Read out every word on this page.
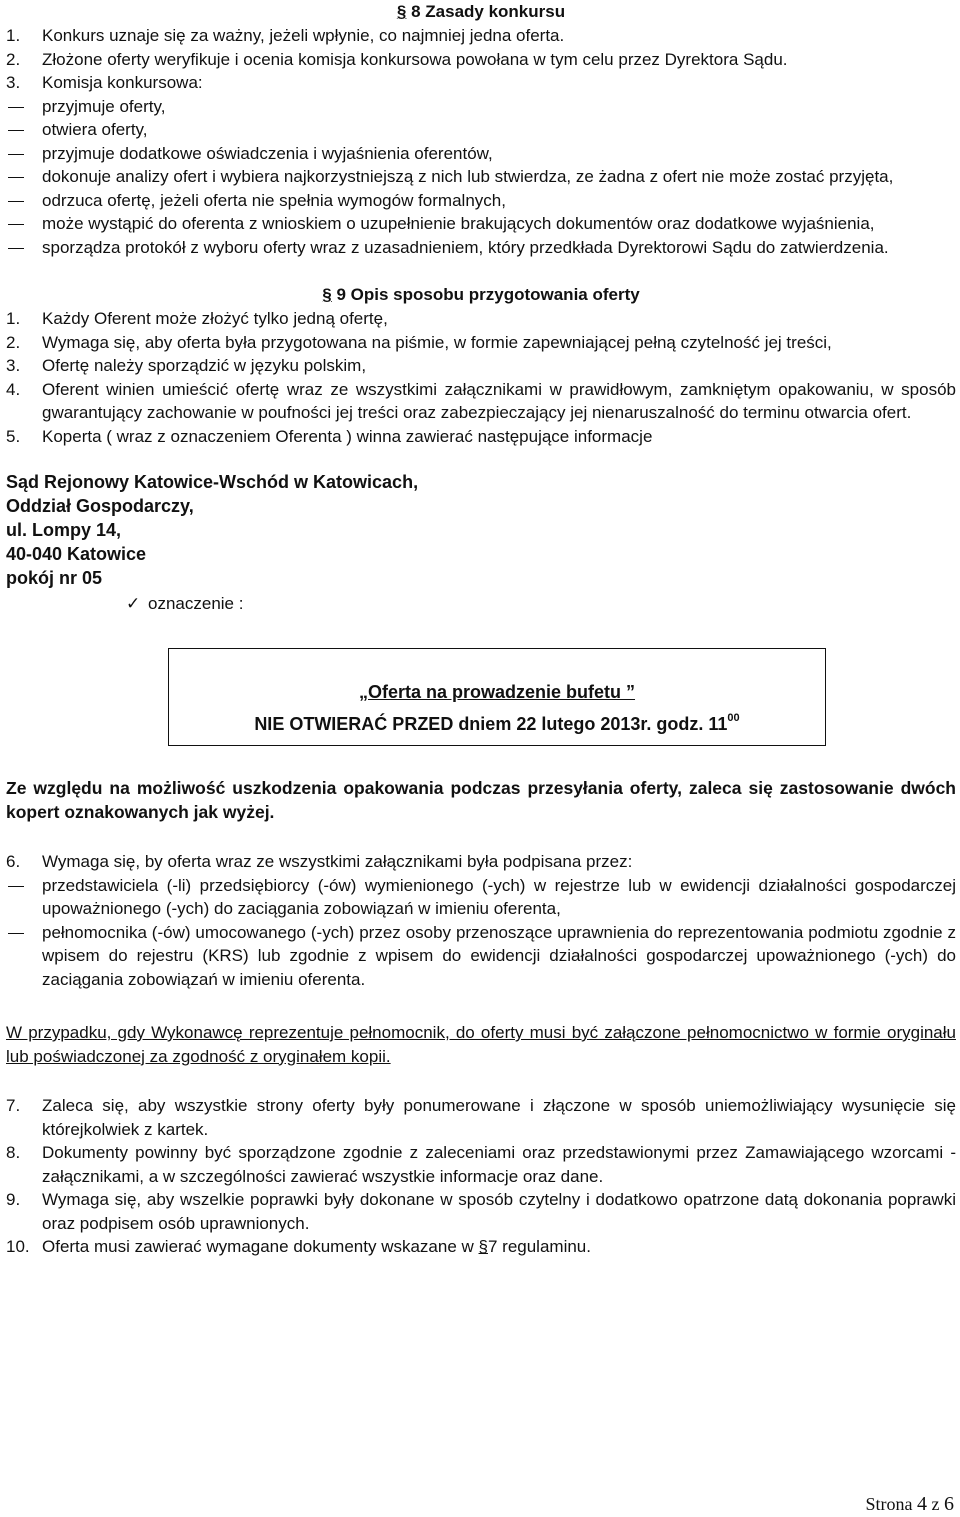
§ 8 Zasady konkursu

1. Konkurs uznaje się za ważny, jeżeli wpłynie, co najmniej jedna oferta.
2. Złożone oferty weryfikuje i ocenia komisja konkursowa powołana w tym celu przez Dyrektora Sądu.
3. Komisja konkursowa:
przyjmuje oferty,
otwiera oferty,
przyjmuje dodatkowe oświadczenia i wyjaśnienia oferentów,
dokonuje analizy ofert i wybiera najkorzystniejszą z nich lub stwierdza, ze żadna z ofert nie może zostać przyjęta,
odrzuca ofertę, jeżeli oferta nie spełnia wymogów formalnych,
może wystąpić do oferenta z wnioskiem o uzupełnienie brakujących dokumentów oraz dodatkowe wyjaśnienia,
sporządza protokół z wyboru oferty wraz z uzasadnieniem, który przedkłada Dyrektorowi Sądu do zatwierdzenia.

§ 9 Opis sposobu przygotowania oferty

1. Każdy Oferent może złożyć tylko jedną ofertę,
2. Wymaga się, aby oferta była przygotowana na piśmie, w formie zapewniającej pełną czytelność jej treści,
3. Ofertę należy sporządzić w języku polskim,
4. Oferent winien umieścić ofertę wraz ze wszystkimi załącznikami w prawidłowym, zamkniętym opakowaniu, w sposób gwarantujący zachowanie w poufności jej treści oraz zabezpieczający jej nienaruszalność do terminu otwarcia ofert.
5. Koperta ( wraz z oznaczeniem Oferenta ) winna zawierać następujące informacje
Sąd Rejonowy Katowice-Wschód w Katowicach,
Oddział Gospodarczy,
ul. Lompy 14,
40-040 Katowice
pokój nr 05
✓ oznaczenie :
„Oferta na prowadzenie bufetu ”
NIE OTWIERAĆ PRZED dniem 22 lutego 2013r. godz. $11^{00}$
Ze względu na możliwość uszkodzenia opakowania podczas przesyłania oferty, zaleca się zastosowanie dwóch kopert oznakowanych jak wyżej.
6. Wymaga się, by oferta wraz ze wszystkimi załącznikami była podpisana przez:
przedstawiciela (-li) przedsiębiorcy (-ów) wymienionego (-ych) w rejestrze lub w ewidencji działalności gospodarczej upoważnionego (-ych) do zaciągania zobowiązań w imieniu oferenta,
pełnomocnika (-ów) umocowanego (-ych) przez osoby przenoszące uprawnienia do reprezentowania podmiotu zgodnie z wpisem do rejestru (KRS) lub zgodnie z wpisem do ewidencji działalności gospodarczej upoważnionego (-ych) do zaciągania zobowiązań w imieniu oferenta.
W przypadku, gdy Wykonawcę reprezentuje pełnomocnik, do oferty musi być załączone pełnomocnictwo w formie oryginału lub poświadczonej za zgodność z oryginałem kopii.
7. Zaleca się, aby wszystkie strony oferty były ponumerowane i złączone w sposób uniemożliwiający wysunięcie się którejkolwiek z kartek.
8. Dokumenty powinny być sporządzone zgodnie z zaleceniami oraz przedstawionymi przez Zamawiającego wzorcami - załącznikami, a w szczególności zawierać wszystkie informacje oraz dane.
9. Wymaga się, aby wszelkie poprawki były dokonane w sposób czytelny i dodatkowo opatrzone datą dokonania poprawki oraz podpisem osób uprawnionych.
10. Oferta musi zawierać wymagane dokumenty wskazane w §7 regulaminu.
Strona 4 z 6
